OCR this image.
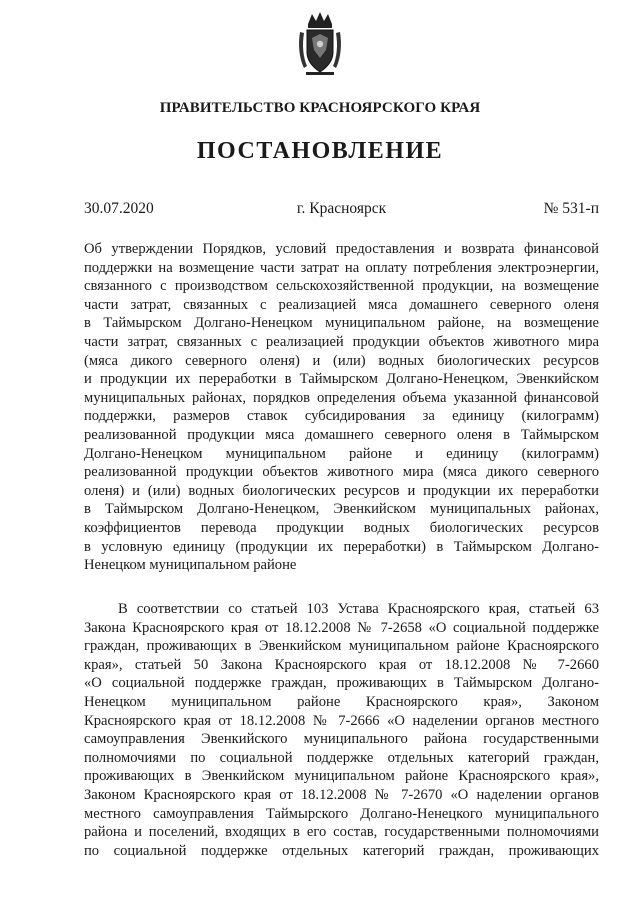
ПРАВИТЕЛЬСТВО КРАСНОЯРСКОГО КРАЯ
ПОСТАНОВЛЕНИЕ
30.07.2020	г. Красноярск	№ 531-п
Об утверждении Порядков, условий предоставления и возврата финансовой
поддержки на возмещение части затрат на оплату потребления электроэнергии,
связанного с производством сельскохозяйственной продукции, на возмещение
части затрат, связанных с реализацией мяса домашнего северного оленя
в Таймырском Долгано-Ненецком муниципальном районе, на возмещение
части затрат, связанных с реализацией продукции объектов животного мира
(мяса дикого северного оленя) и (или) водных биологических ресурсов
и продукции их переработки в Таймырском Долгано-Ненецком, Эвенкийском
муниципальных районах, порядков определения объема указанной финансовой
поддержки, размеров ставок субсидирования за единицу (килограмм)
реализованной продукции мяса домашнего северного оленя в Таймырском
Долгано-Ненецком муниципальном районе и единицу (килограмм)
реализованной продукции объектов животного мира (мяса дикого северного
оленя) и (или) водных биологических ресурсов и продукции их переработки
в Таймырском Долгано-Ненецком, Эвенкийском муниципальных районах,
коэффициентов перевода продукции водных биологических ресурсов
в условную единицу (продукции их переработки) в Таймырском Долгано-
Ненецком муниципальном районе
В соответствии со статьей 103 Устава Красноярского края, статьей 63
Закона Красноярского края от 18.12.2008 № 7-2658 «О социальной поддержке
граждан, проживающих в Эвенкийском муниципальном районе Красноярского
края», статьей 50 Закона Красноярского края от 18.12.2008 № 7-2660
«О социальной поддержке граждан, проживающих в Таймырском Долгано-
Ненецком муниципальном районе Красноярского края», Законом
Красноярского края от 18.12.2008 № 7-2666 «О наделении органов местного
самоуправления Эвенкийского муниципального района государственными
полномочиями по социальной поддержке отдельных категорий граждан,
проживающих в Эвенкийском муниципальном районе Красноярского края»,
Законом Красноярского края от 18.12.2008 № 7-2670 «О наделении органов
местного самоуправления Таймырского Долгано-Ненецкого муниципального
района и поселений, входящих в его состав, государственными полномочиями
по социальной поддержке отдельных категорий граждан, проживающих
